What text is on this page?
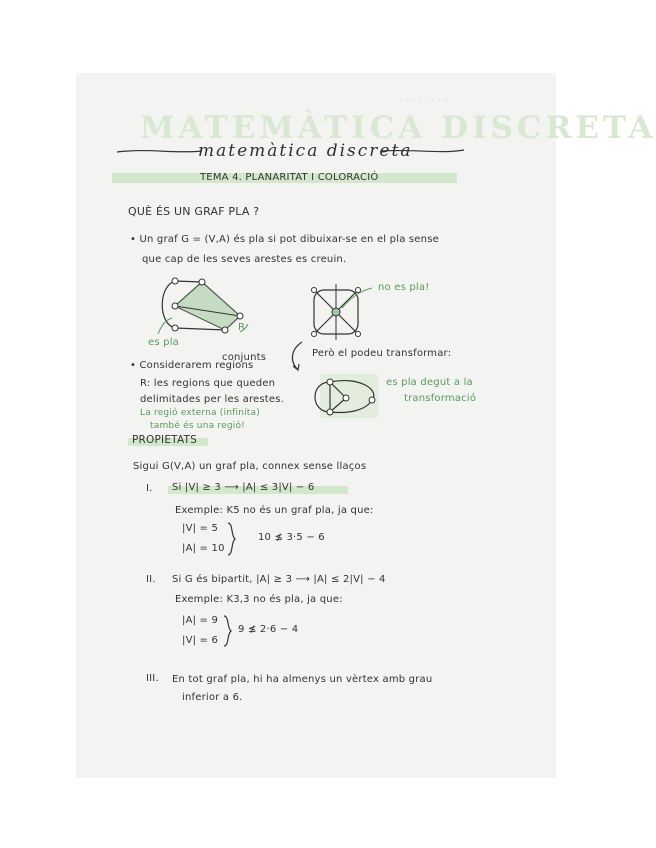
· · · · · · · ·
MATEMÀTICA DISCRETA
matemàtica discreta
TEMA 4. PLANARITAT I COLORACIÓ
QUÈ ÉS UN GRAF PLA ?
• Un graf G = (V,A) és pla si pot dibuixar-se en el pla sense
que cap de les seves arestes es creuin.
es pla
R
no es pla!
conjunts	Però el podeu transformar:
es pla degut a la
transformació
• Considerarem regions
R: les regions que queden
delimitades per les arestes.
La regió externa (infinita)
també és una regió!
PROPIETATS
Sigui G(V,A) un graf pla, connex sense llaços
I. Si |V| ≥ 3 ⟶ |A| ≤ 3|V| − 6
Exemple: K5 no és un graf pla, ja que:
|V| = 5
|A| = 10
10 ≰ 3·5 − 6
II. Si G és bipartit, |A| ≥ 3 ⟶ |A| ≤ 2|V| − 4
Exemple: K3,3 no és pla, ja que:
|A| = 9
|V| = 6
9 ≰ 2·6 − 4
III. En tot graf pla, hi ha almenys un vèrtex amb grau
inferior a 6.
